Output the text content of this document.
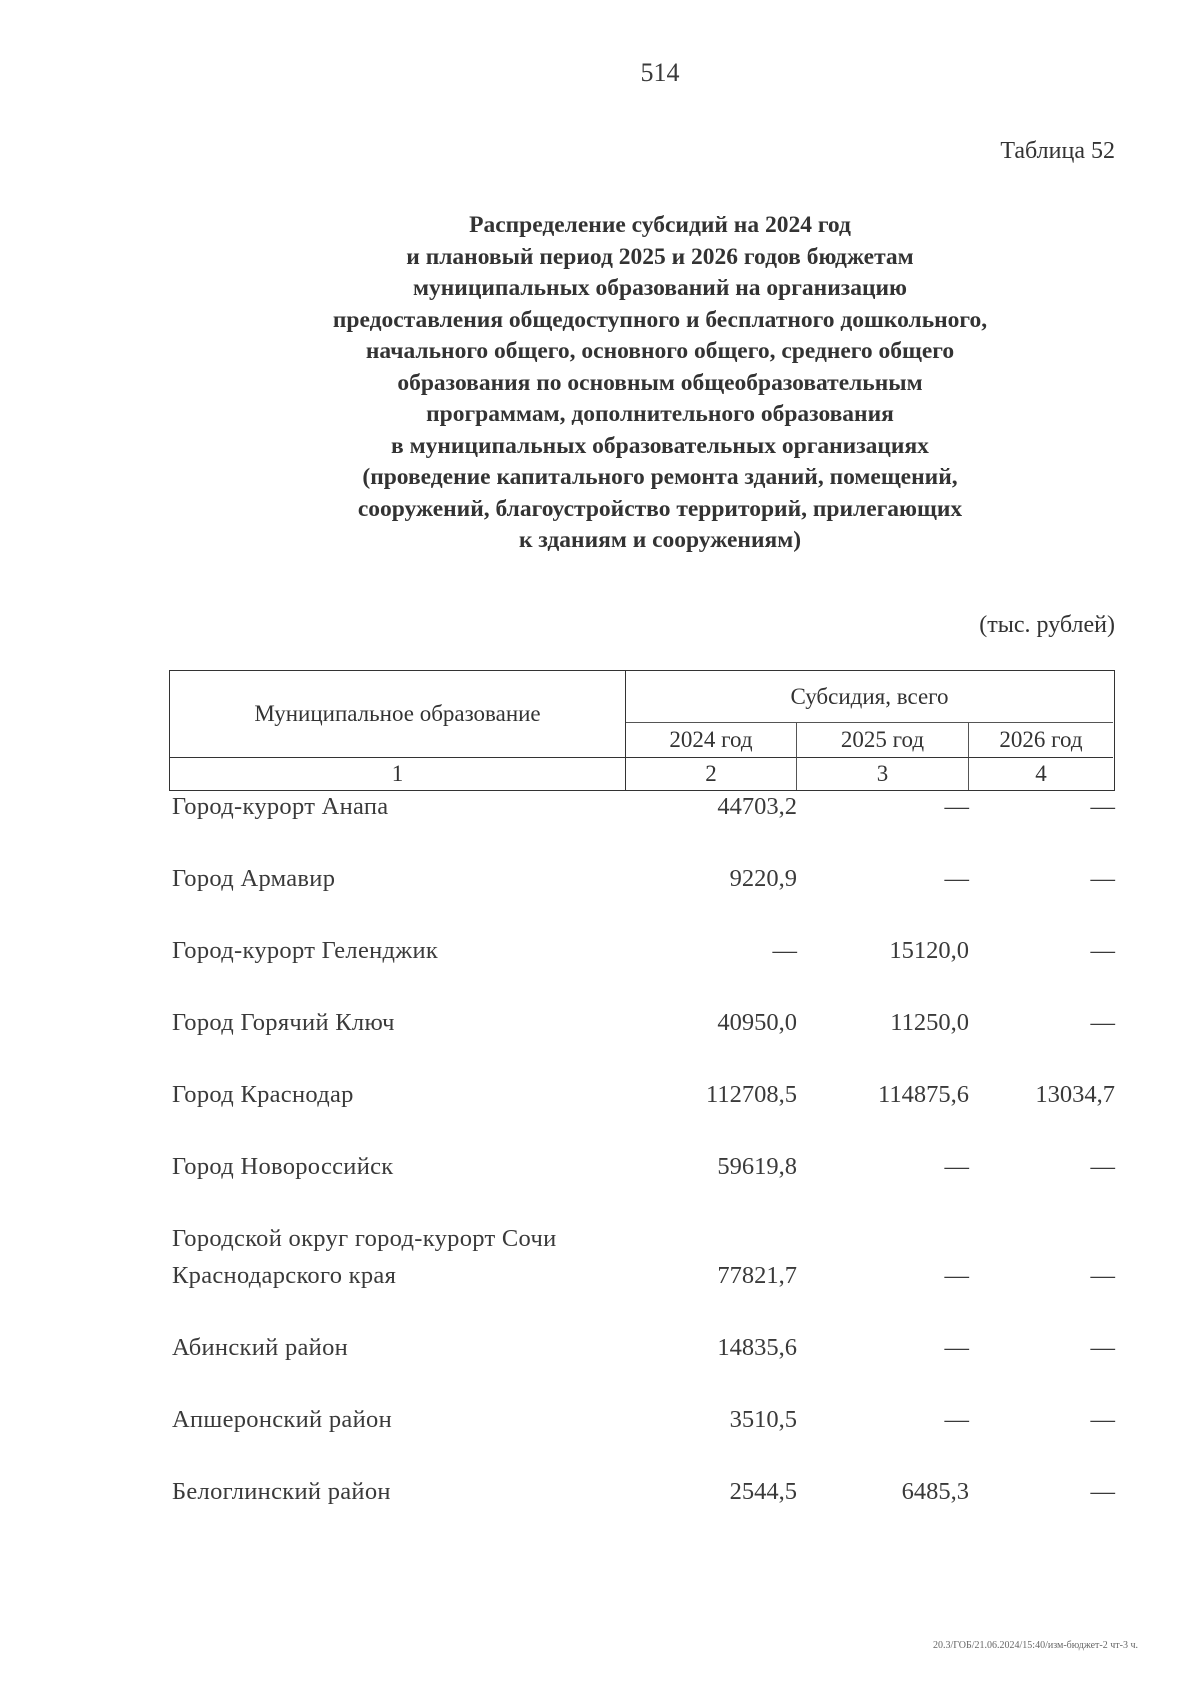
514
Таблица 52
Распределение субсидий на 2024 год
и плановый период 2025 и 2026 годов бюджетам
муниципальных образований на организацию
предоставления общедоступного и бесплатного дошкольного,
начального общего, основного общего, среднего общего
образования по основным общеобразовательным
программам, дополнительного образования
в муниципальных образовательных организациях
(проведение капитального ремонта зданий, помещений,
сооружений, благоустройство территорий, прилегающих
к зданиям и сооружениям)
(тыс. рублей)
Муниципальное образование
Субсидия, всего
2024 год	2025 год	2026 год
1	2	3	4
Город-курорт Анапа	44703,2	—	—
Город Армавир	9220,9	—	—
Город-курорт Геленджик	—	15120,0	—
Город Горячий Ключ	40950,0	11250,0	—
Город Краснодар	112708,5	114875,6	13034,7
Город Новороссийск	59619,8	—	—
Городской округ город-курорт Сочи
Краснодарского края	77821,7	—	—
Абинский район	14835,6	—	—
Апшеронский район	3510,5	—	—
Белоглинский район	2544,5	6485,3	—
20.3/ГОБ/21.06.2024/15:40/изм-бюджет-2 чт-3 ч.
